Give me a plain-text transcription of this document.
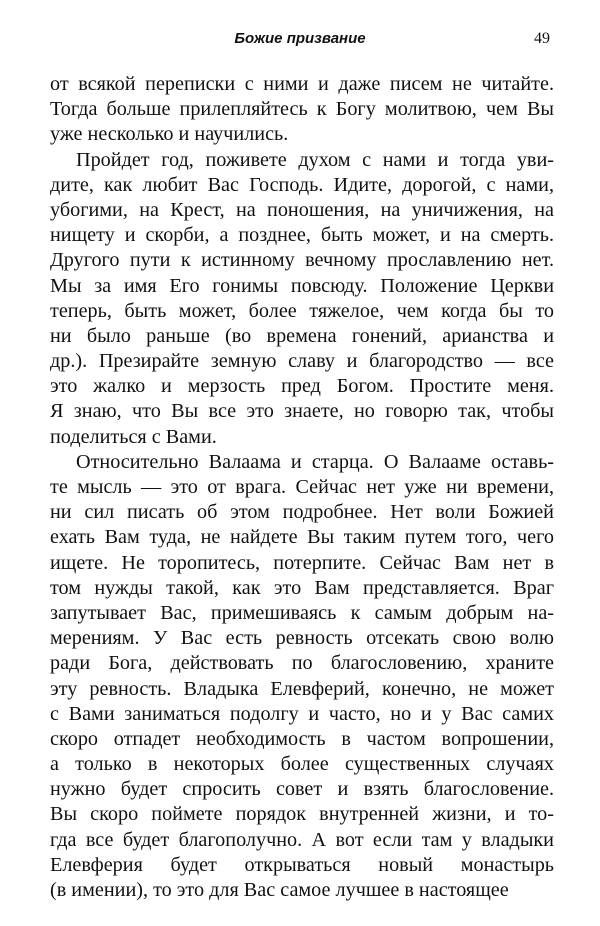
Божие призвание	49
от всякой переписки с ними и даже писем не читайте.
Тогда больше прилепляйтесь к Богу молитвою, чем Вы
уже несколько и научились.
Пройдет год, поживете духом с нами и тогда уви-
дите, как любит Вас Господь. Идите, дорогой, с нами,
убогими, на Крест, на поношения, на уничижения, на
нищету и скорби, а позднее, быть может, и на смерть.
Другого пути к истинному вечному прославлению нет.
Мы за имя Его гонимы повсюду. Положение Церкви
теперь, быть может, более тяжелое, чем когда бы то
ни было раньше (во времена гонений, арианства и
др.). Презирайте земную славу и благородство — все
это жалко и мерзость пред Богом. Простите меня.
Я знаю, что Вы все это знаете, но говорю так, чтобы
поделиться с Вами.
Относительно Валаама и старца. О Валааме оставь-
те мысль — это от врага. Сейчас нет уже ни времени,
ни сил писать об этом подробнее. Нет воли Божией
ехать Вам туда, не найдете Вы таким путем того, чего
ищете. Не торопитесь, потерпите. Сейчас Вам нет в
том нужды такой, как это Вам представляется. Враг
запутывает Вас, примешиваясь к самым добрым на-
мерениям. У Вас есть ревность отсекать свою волю
ради Бога, действовать по благословению, храните
эту ревность. Владыка Елевферий, конечно, не может
с Вами заниматься подолгу и часто, но и у Вас самих
скоро отпадет необходимость в частом вопрошении,
а только в некоторых более существенных случаях
нужно будет спросить совет и взять благословение.
Вы скоро поймете порядок внутренней жизни, и то-
гда все будет благополучно. А вот если там у владыки
Елевферия будет открываться новый монастырь
(в имении), то это для Вас самое лучшее в настоящее
